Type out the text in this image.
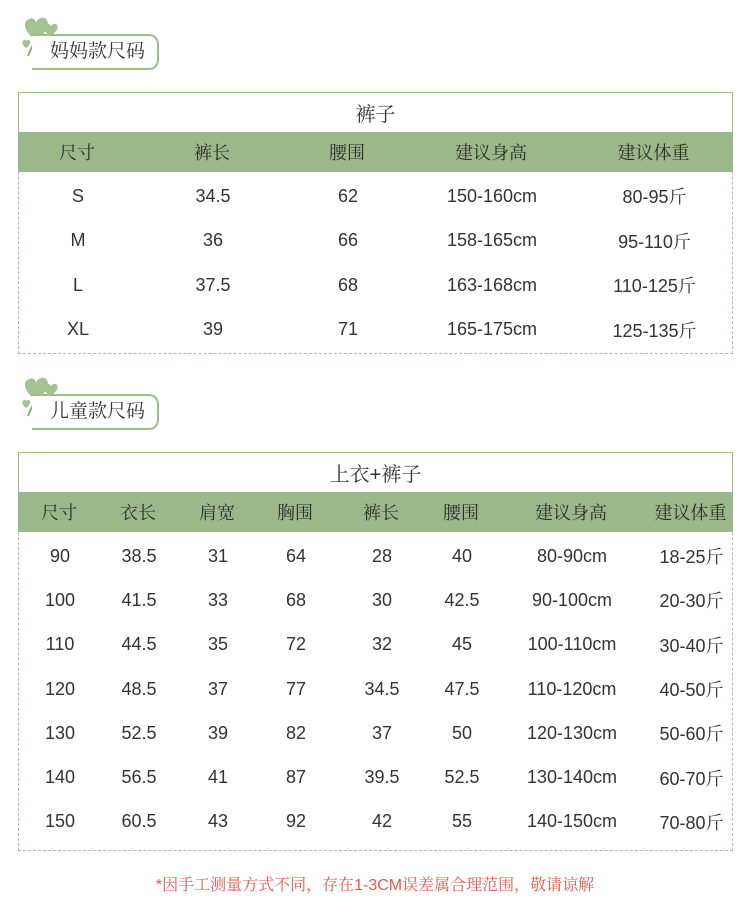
妈妈款尺码
裤子
尺寸	裤长	腰围	建议身高	建议体重
S	34.5	62	150-160cm	80-95斤
M	36	66	158-165cm	95-110斤
L	37.5	68	163-168cm	110-125斤
XL	39	71	165-175cm	125-135斤
儿童款尺码
上衣+裤子
尺寸	衣长	肩宽	胸围	裤长	腰围	建议身高	建议体重
90	38.5	31	64	28	40	80-90cm	18-25斤
100	41.5	33	68	30	42.5	90-100cm	20-30斤
110	44.5	35	72	32	45	100-110cm	30-40斤
120	48.5	37	77	34.5	47.5	110-120cm	40-50斤
130	52.5	39	82	37	50	120-130cm	50-60斤
140	56.5	41	87	39.5	52.5	130-140cm	60-70斤
150	60.5	43	92	42	55	140-150cm	70-80斤
*因手工测量方式不同，存在1-3CM误差属合理范围，敬请谅解
